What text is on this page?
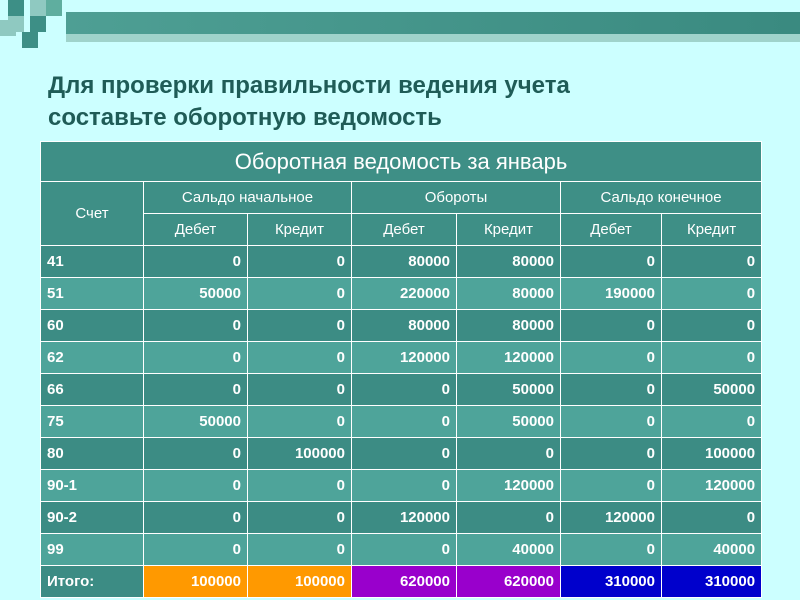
Для проверки правильности ведения учета
составьте оборотную ведомость
Оборотная ведомость за январь						
Счет	Сальдо начальное		Обороты		Сальдо конечное	
	Дебет	Кредит	Дебет	Кредит	Дебет	Кредит
41	0	0	80000	80000	0	0
51	50000	0	220000	80000	190000	0
60	0	0	80000	80000	0	0
62	0	0	120000	120000	0	0
66	0	0	0	50000	0	50000
75	50000	0	0	50000	0	0
80	0	100000	0	0	0	100000
90-1	0	0	0	120000	0	120000
90-2	0	0	120000	0	120000	0
99	0	0	0	40000	0	40000
Итого:	100000	100000	620000	620000	310000	310000
